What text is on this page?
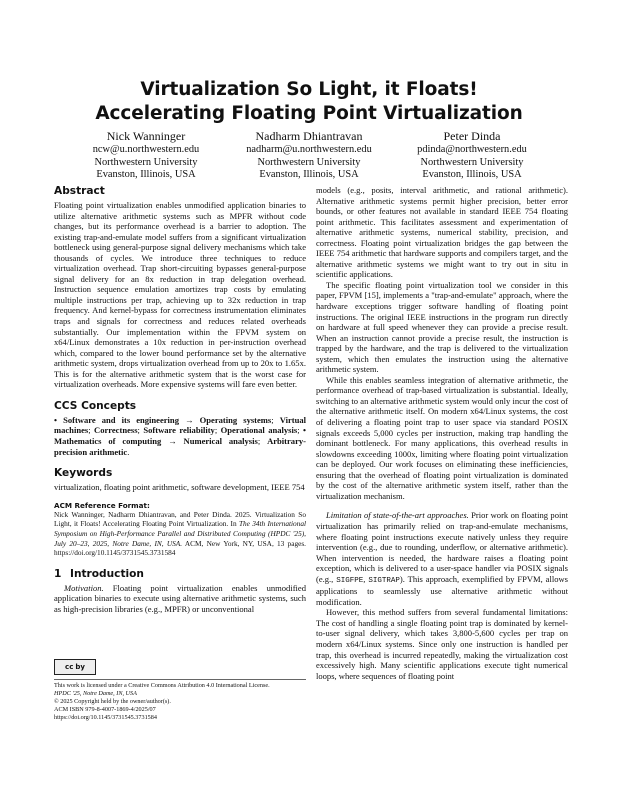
Virtualization So Light, it Floats!
Accelerating Floating Point Virtualization
Nick Wanninger
ncw@u.northwestern.edu
Northwestern University
Evanston, Illinois, USA
Nadharm Dhiantravan
nadharm@u.northwestern.edu
Northwestern University
Evanston, Illinois, USA
Peter Dinda
pdinda@northwestern.edu
Northwestern University
Evanston, Illinois, USA
Abstract

Floating point virtualization enables unmodified application binaries to utilize alternative arithmetic systems such as MPFR without code changes, but its performance overhead is a barrier to adoption. The existing trap-and-emulate model suffers from a significant virtualization bottleneck using general-purpose signal delivery mechanisms which take thousands of cycles. We introduce three techniques to reduce virtualization overhead. Trap short-circuiting bypasses general-purpose signal delivery for an 8x reduction in trap delegation overhead. Instruction sequence emulation amortizes trap costs by emulating multiple instructions per trap, achieving up to 32x reduction in trap frequency. And kernel-bypass for correctness instrumentation eliminates traps and signals for correctness and reduces related overheads substantially. Our implementation within the FPVM system on x64/Linux demonstrates a 10x reduction in per-instruction overhead which, compared to the lower bound performance set by the alternative arithmetic system, drops virtualization overhead from up to 20x to 1.65x. This is for the alternative arithmetic system that is the worst case for virtualization overheads. More expensive systems will fare even better.

CCS Concepts

• Software and its engineering → Operating systems; Virtual machines; Correctness; Software reliability; Operational analysis; • Mathematics of computing → Numerical analysis; Arbitrary-precision arithmetic.

Keywords

virtualization, floating point arithmetic, software development, IEEE 754

ACM Reference Format:

Nick Wanninger, Nadharm Dhiantravan, and Peter Dinda. 2025. Virtualization So Light, it Floats! Accelerating Floating Point Virtualization. In The 34th International Symposium on High-Performance Parallel and Distributed Computing (HPDC '25), July 20–23, 2025, Notre Dame, IN, USA. ACM, New York, NY, USA, 13 pages. https://doi.org/10.1145/3731545.3731584

1 Introduction

Motivation. Floating point virtualization enables unmodified application binaries to execute using alternative arithmetic systems, such as high-precision libraries (e.g., MPFR) or unconventional

cc by
This work is licensed under a Creative Commons Attribution 4.0 International License.
HPDC '25, Notre Dame, IN, USA
© 2025 Copyright held by the owner/author(s).
ACM ISBN 979-8-4007-1869-4/2025/07
https://doi.org/10.1145/3731545.3731584

models (e.g., posits, interval arithmetic, and rational arithmetic). Alternative arithmetic systems permit higher precision, better error bounds, or other features not available in standard IEEE 754 floating point arithmetic. This facilitates assessment and experimentation of alternative arithmetic systems, numerical stability, precision, and correctness. Floating point virtualization bridges the gap between the IEEE 754 arithmetic that hardware supports and compilers target, and the alternative arithmetic systems we might want to try out in situ in scientific applications.

The specific floating point virtualization tool we consider in this paper, FPVM [15], implements a "trap-and-emulate" approach, where the hardware exceptions trigger software handling of floating point instructions. The original IEEE instructions in the program run directly on hardware at full speed whenever they can provide a precise result. When an instruction cannot provide a precise result, the instruction is trapped by the hardware, and the trap is delivered to the virtualization system, which then emulates the instruction using the alternative arithmetic system.

While this enables seamless integration of alternative arithmetic, the performance overhead of trap-based virtualization is substantial. Ideally, switching to an alternative arithmetic system would only incur the cost of the alternative arithmetic itself. On modern x64/Linux systems, the cost of delivering a floating point trap to user space via standard POSIX signals exceeds 5,000 cycles per instruction, making trap handling the dominant bottleneck. For many applications, this overhead results in slowdowns exceeding 1000x, limiting where floating point virtualization can be deployed. Our work focuses on eliminating these inefficiencies, ensuring that the overhead of floating point virtualization is dominated by the cost of the alternative arithmetic system itself, rather than the virtualization mechanism.

Limitation of state-of-the-art approaches. Prior work on floating point virtualization has primarily relied on trap-and-emulate mechanisms, where floating point instructions execute natively unless they require intervention (e.g., due to rounding, underflow, or alternative arithmetic). When intervention is needed, the hardware raises a floating point exception, which is delivered to a user-space handler via POSIX signals (e.g., SIGFPE, SIGTRAP). This approach, exemplified by FPVM, allows applications to seamlessly use alternative arithmetic without modification.

However, this method suffers from several fundamental limitations: The cost of handling a single floating point trap is dominated by kernel-to-user signal delivery, which takes 3,800-5,600 cycles per trap on modern x64/Linux systems. Since only one instruction is handled per trap, this overhead is incurred repeatedly, making the virtualization cost excessively high. Many scientific applications execute tight numerical loops, where sequences of floating point
